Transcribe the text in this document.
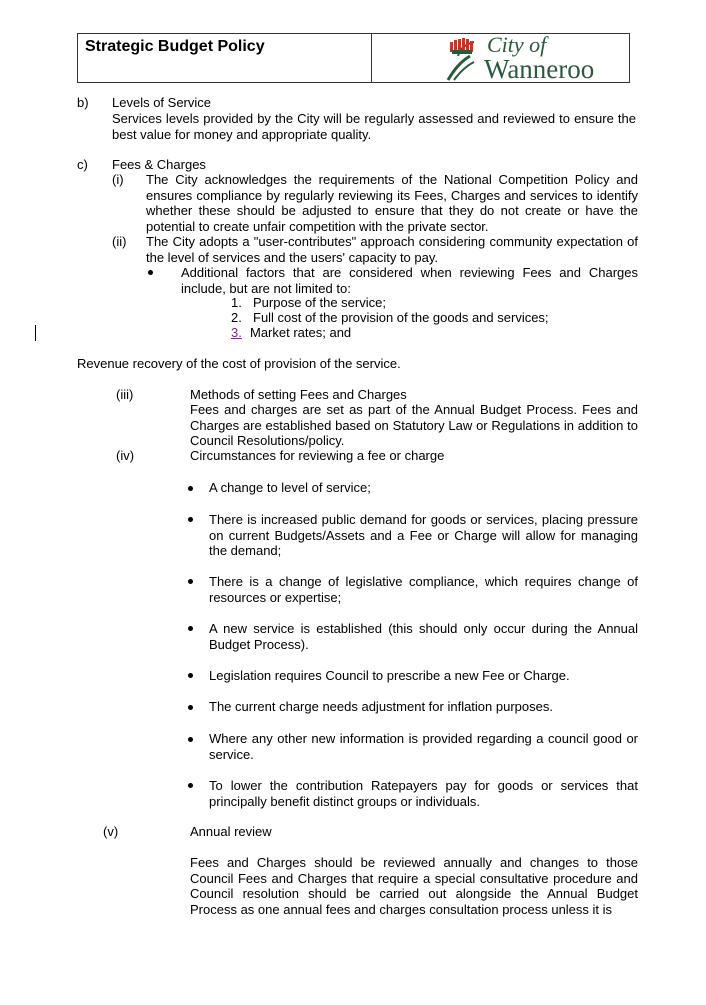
Strategic Budget Policy	City of
Wanneroo
b) Levels of Service
Services levels provided by the City will be regularly assessed and reviewed to ensure the best value for money and appropriate quality.
c) Fees & Charges
(i) The City acknowledges the requirements of the National Competition Policy and ensures compliance by regularly reviewing its Fees, Charges and services to identify whether these should be adjusted to ensure that they do not create or have the potential to create unfair competition with the private sector.
(ii) The City adopts a "user-contributes" approach considering community expectation of the level of services and the users' capacity to pay.
Additional factors that are considered when reviewing Fees and Charges include, but are not limited to:
1. Purpose of the service;
2. Full cost of the provision of the goods and services;
3. Market rates; and
Revenue recovery of the cost of provision of the service.
(iii)	Methods of setting Fees and Charges
Fees and charges are set as part of the Annual Budget Process. Fees and Charges are established based on Statutory Law or Regulations in addition to Council Resolutions/policy.
(iv)	Circumstances for reviewing a fee or charge
A change to level of service;
There is increased public demand for goods or services, placing pressure on current Budgets/Assets and a Fee or Charge will allow for managing the demand;
There is a change of legislative compliance, which requires change of resources or expertise;
A new service is established (this should only occur during the Annual Budget Process).
Legislation requires Council to prescribe a new Fee or Charge.
The current charge needs adjustment for inflation purposes.
Where any other new information is provided regarding a council good or service.
To lower the contribution Ratepayers pay for goods or services that principally benefit distinct groups or individuals.
(v)	Annual review
Fees and Charges should be reviewed annually and changes to those Council Fees and Charges that require a special consultative procedure and Council resolution should be carried out alongside the Annual Budget Process as one annual fees and charges consultation process unless it is
